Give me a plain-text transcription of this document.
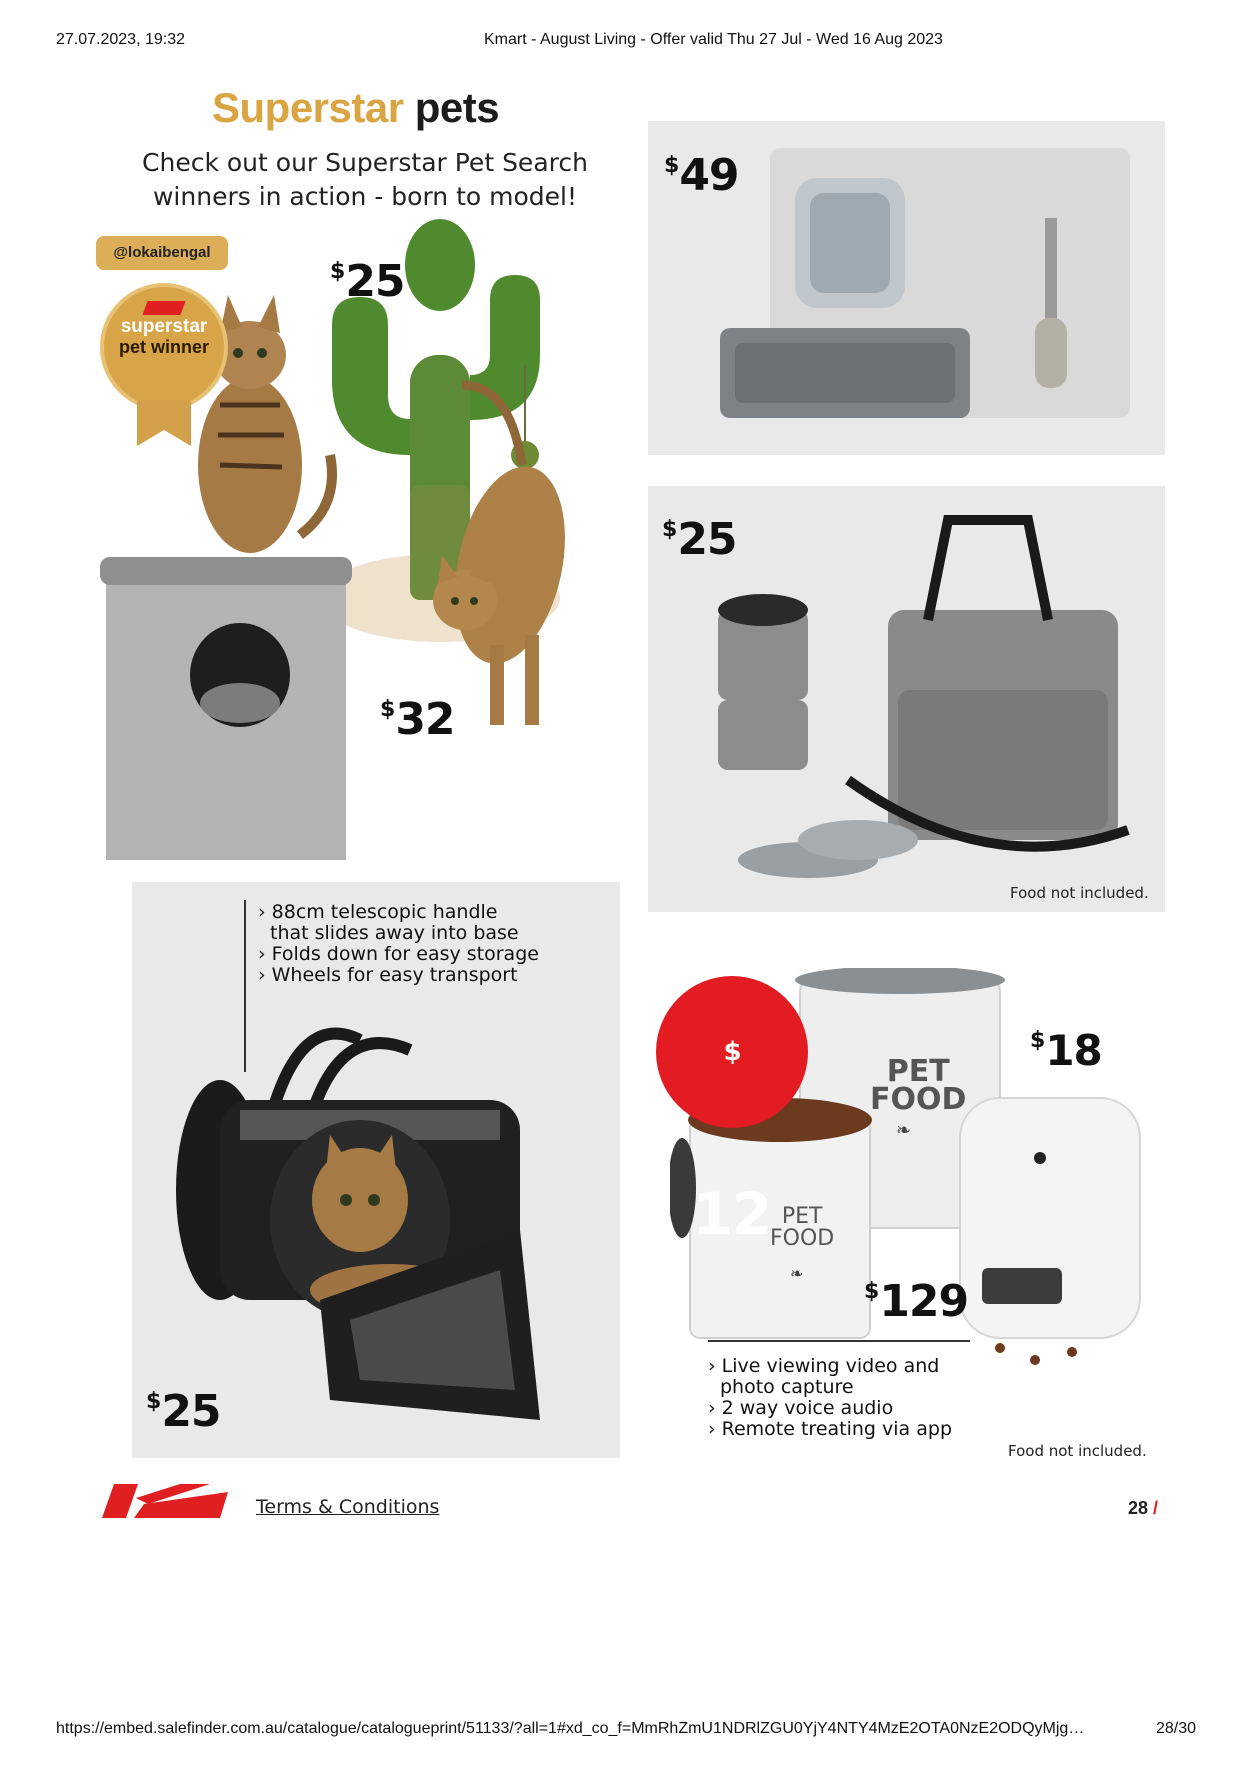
27.07.2023, 19:32	Kmart - August Living - Offer valid Thu 27 Jul - Wed 16 Aug 2023
Superstar pets
Check out our Superstar Pet Search winners in action - born to model!
@lokaibengal
superstar
pet winner
$25
$32
$49
$25
Food not included.
› 88cm telescopic handle
that slides away into base
› Folds down for easy storage
› Wheels for easy transport
$25
PET
FOOD
PET
FOOD
❧
❧
$
12
$18
$129
› Live viewing video and
photo capture
› 2 way voice audio
› Remote treating via app
Food not included.
Terms & Conditions	28 /
https://embed.salefinder.com.au/catalogue/catalogueprint/51133/?all=1#xd_co_f=MmRhZmU1NDRlZGU0YjY4NTY4MzE2OTA0NzE2ODQyMjg…	28/30
